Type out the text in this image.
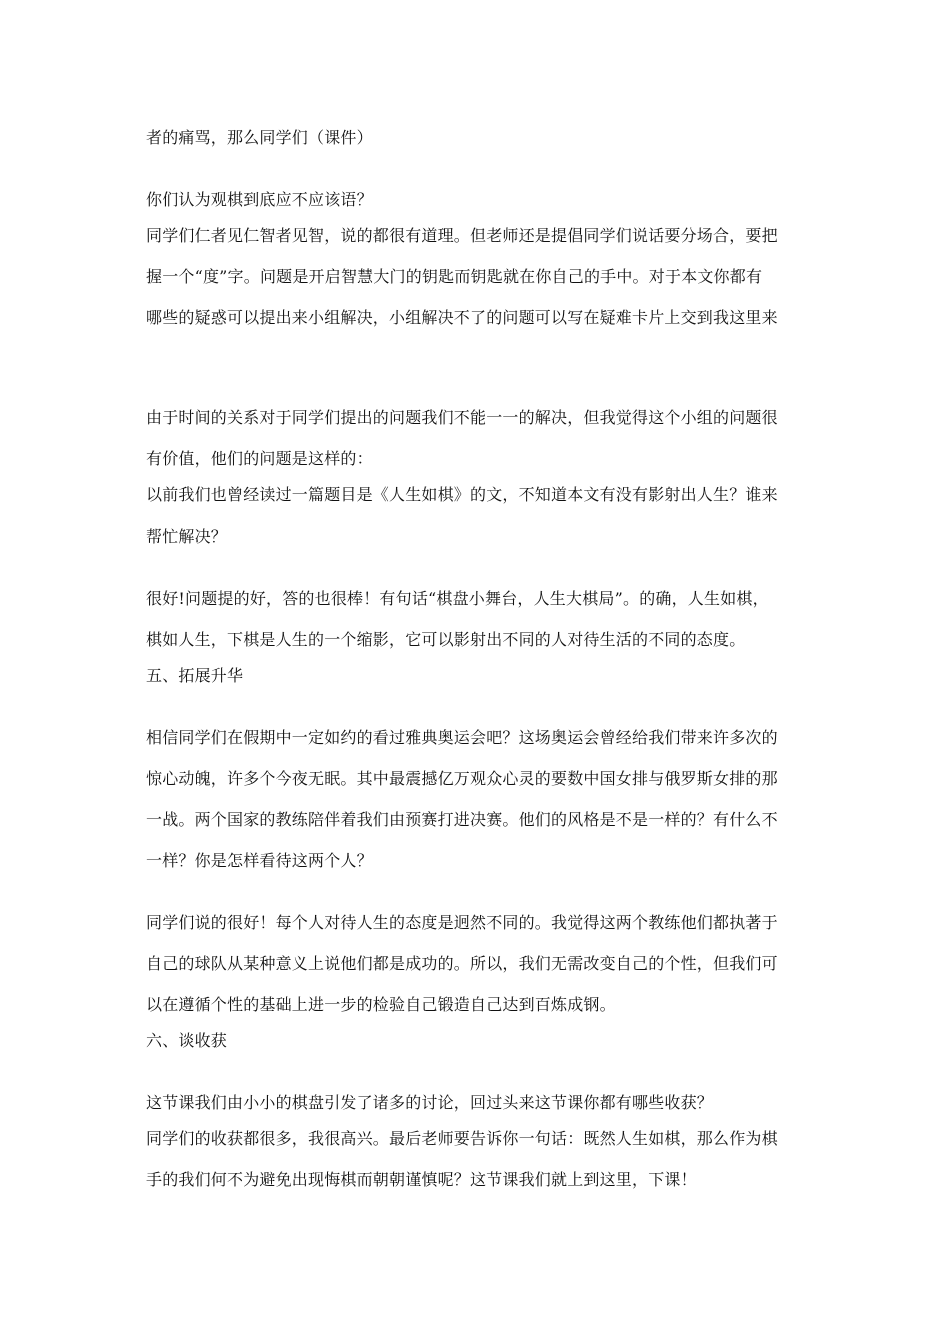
者的痛骂，那么同学们（课件）
你们认为观棋到底应不应该语？
同学们仁者见仁智者见智，说的都很有道理。但老师还是提倡同学们说话要分场合，要把
握一个“度”字。问题是开启智慧大门的钥匙而钥匙就在你自己的手中。对于本文你都有
哪些的疑惑可以提出来小组解决，小组解决不了的问题可以写在疑难卡片上交到我这里来
由于时间的关系对于同学们提出的问题我们不能一一的解决，但我觉得这个小组的问题很
有价值，他们的问题是这样的：
以前我们也曾经读过一篇题目是《人生如棋》的文，不知道本文有没有影射出人生？谁来
帮忙解决？
很好!问题提的好，答的也很棒！有句话“棋盘小舞台，人生大棋局”。的确，人生如棋，
棋如人生，下棋是人生的一个缩影，它可以影射出不同的人对待生活的不同的态度。
五、拓展升华
相信同学们在假期中一定如约的看过雅典奥运会吧？这场奥运会曾经给我们带来许多次的
惊心动魄，许多个今夜无眠。其中最震撼亿万观众心灵的要数中国女排与俄罗斯女排的那
一战。两个国家的教练陪伴着我们由预赛打进决赛。他们的风格是不是一样的？有什么不
一样？你是怎样看待这两个人？
同学们说的很好！每个人对待人生的态度是迥然不同的。我觉得这两个教练他们都执著于
自己的球队从某种意义上说他们都是成功的。所以，我们无需改变自己的个性，但我们可
以在遵循个性的基础上进一步的检验自己锻造自己达到百炼成钢。
六、谈收获
这节课我们由小小的棋盘引发了诸多的讨论，回过头来这节课你都有哪些收获？
同学们的收获都很多，我很高兴。最后老师要告诉你一句话：既然人生如棋，那么作为棋
手的我们何不为避免出现悔棋而朝朝谨慎呢？这节课我们就上到这里，下课！
